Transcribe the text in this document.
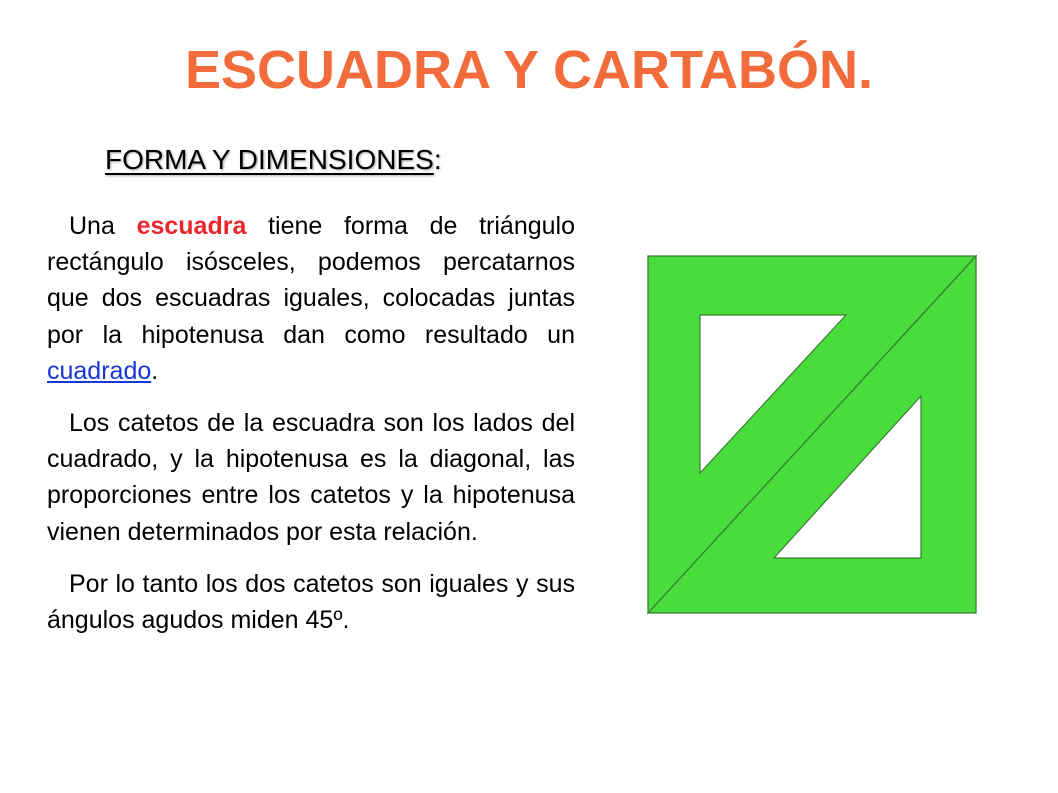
ESCUADRA Y CARTABÓN.
FORMA Y DIMENSIONES:

Una escuadra tiene forma de triángulo rectángulo isósceles, podemos percatarnos que dos escuadras iguales, colocadas juntas por la hipotenusa dan como resultado un cuadrado.

Los catetos de la escuadra son los lados del cuadrado, y la hipotenusa es la diagonal, las proporciones entre los catetos y la hipotenusa vienen determinados por esta relación.

Por lo tanto los dos catetos son iguales y sus ángulos agudos miden 45º.
